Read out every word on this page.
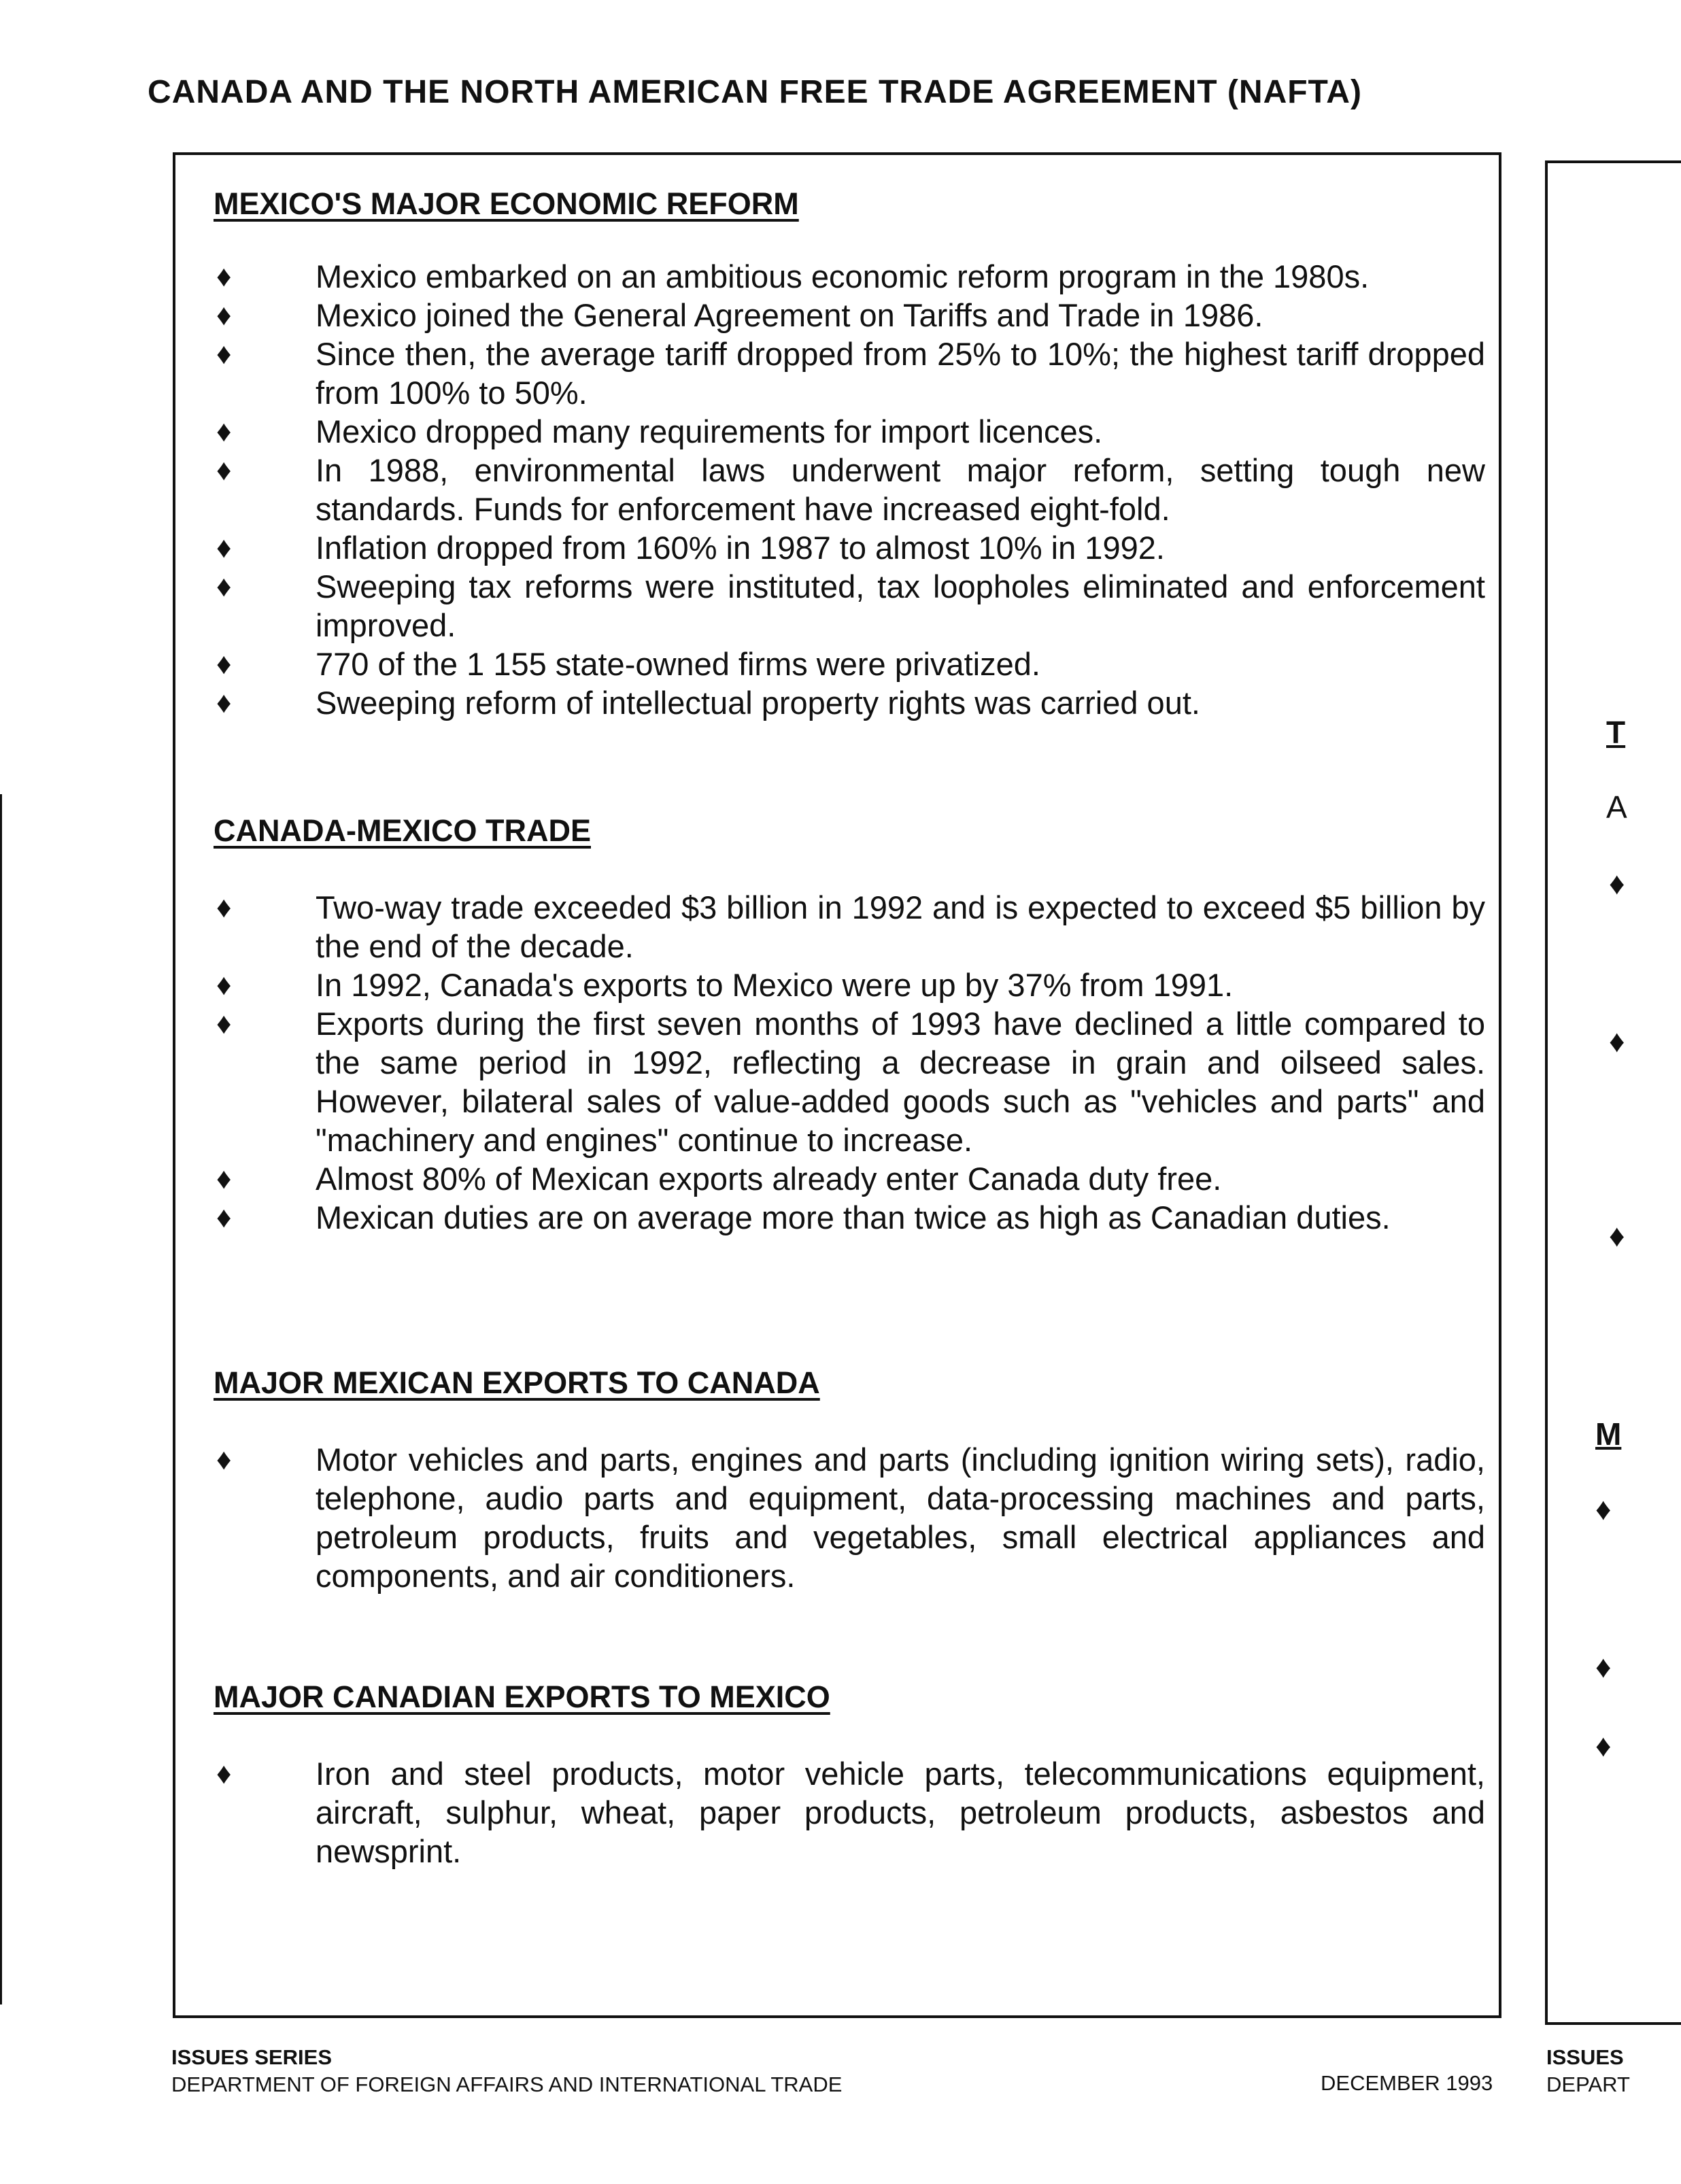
CANADA AND THE NORTH AMERICAN FREE TRADE AGREEMENT (NAFTA)
MEXICO'S MAJOR ECONOMIC REFORM
♦	Mexico embarked on an ambitious economic reform program in the 1980s.
♦	Mexico joined the General Agreement on Tariffs and Trade in 1986.
♦	Since then, the average tariff dropped from 25% to 10%; the highest tariff dropped from 100% to 50%.
♦	Mexico dropped many requirements for import licences.
♦	In 1988, environmental laws underwent major reform, setting tough new standards. Funds for enforcement have increased eight-fold.
♦	Inflation dropped from 160% in 1987 to almost 10% in 1992.
♦	Sweeping tax reforms were instituted, tax loopholes eliminated and enforcement improved.
♦	770 of the 1 155 state-owned firms were privatized.
♦	Sweeping reform of intellectual property rights was carried out.
CANADA-MEXICO TRADE
♦	Two-way trade exceeded $3 billion in 1992 and is expected to exceed $5 billion by the end of the decade.
♦	In 1992, Canada's exports to Mexico were up by 37% from 1991.
♦	Exports during the first seven months of 1993 have declined a little compared to the same period in 1992, reflecting a decrease in grain and oilseed sales. However, bilateral sales of value-added goods such as "vehicles and parts" and "machinery and engines" continue to increase.
♦	Almost 80% of Mexican exports already enter Canada duty free.
♦	Mexican duties are on average more than twice as high as Canadian duties.
MAJOR MEXICAN EXPORTS TO CANADA
♦	Motor vehicles and parts, engines and parts (including ignition wiring sets), radio, telephone, audio parts and equipment, data-processing machines and parts, petroleum products, fruits and vegetables, small electrical appliances and components, and air conditioners.
MAJOR CANADIAN EXPORTS TO MEXICO
♦	Iron and steel products, motor vehicle parts, telecommunications equipment, aircraft, sulphur, wheat, paper products, petroleum products, asbestos and newsprint.
T
A
♦
♦
♦
M
♦
♦
♦
ISSUES SERIES
DEPARTMENT OF FOREIGN AFFAIRS AND INTERNATIONAL TRADE	DECEMBER 1993
ISSUES
DEPART
